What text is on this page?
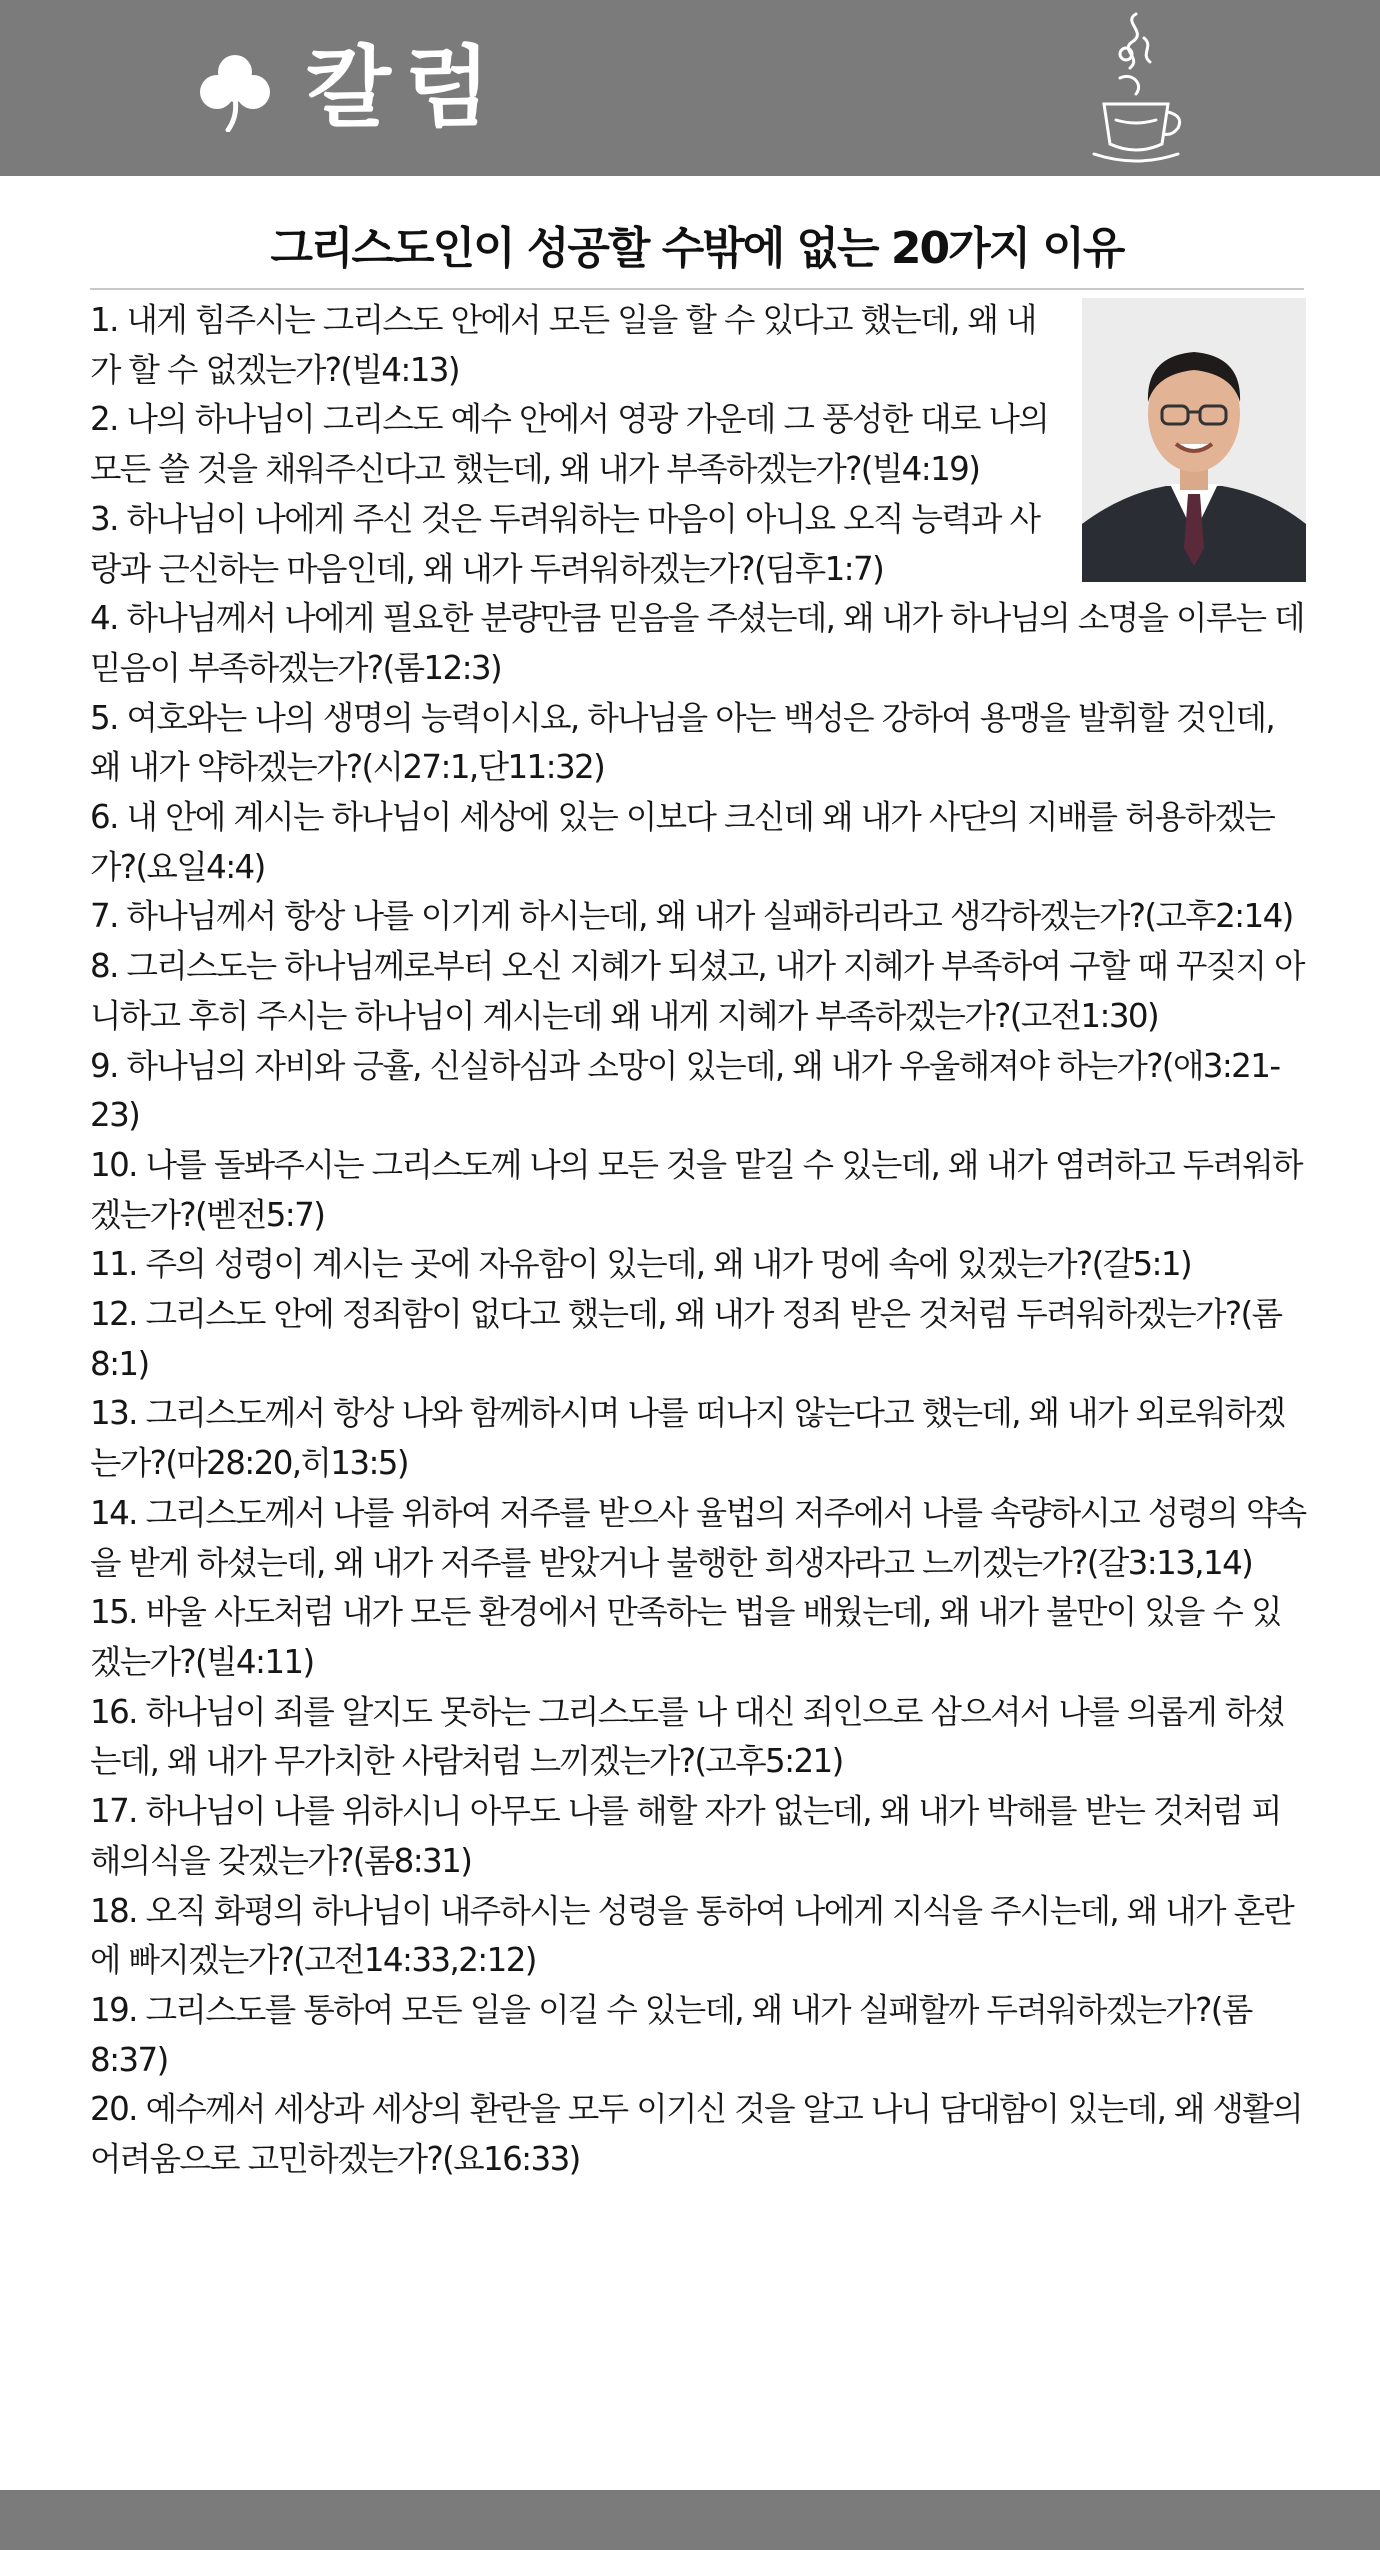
칼럼
그리스도인이 성공할 수밖에 없는 20가지 이유

1. 내게 힘주시는 그리스도 안에서 모든 일을 할 수 있다고 했는데, 왜 내가 할 수 없겠는가?(빌4:13)

2. 나의 하나님이 그리스도 예수 안에서 영광 가운데 그 풍성한 대로 나의 모든 쓸 것을 채워주신다고 했는데, 왜 내가 부족하겠는가?(빌4:19)

3. 하나님이 나에게 주신 것은 두려워하는 마음이 아니요 오직 능력과 사랑과 근신하는 마음인데, 왜 내가 두려워하겠는가?(딤후1:7)

4. 하나님께서 나에게 필요한 분량만큼 믿음을 주셨는데, 왜 내가 하나님의 소명을 이루는 데 믿음이 부족하겠는가?(롬12:3)

5. 여호와는 나의 생명의 능력이시요, 하나님을 아는 백성은 강하여 용맹을 발휘할 것인데, 왜 내가 약하겠는가?(시27:1,단11:32)

6. 내 안에 계시는 하나님이 세상에 있는 이보다 크신데 왜 내가 사단의 지배를 허용하겠는가?(요일4:4)

7. 하나님께서 항상 나를 이기게 하시는데, 왜 내가 실패하리라고 생각하겠는가?(고후2:14)

8. 그리스도는 하나님께로부터 오신 지혜가 되셨고, 내가 지혜가 부족하여 구할 때 꾸짖지 아니하고 후히 주시는 하나님이 계시는데 왜 내게 지혜가 부족하겠는가?(고전1:30)

9. 하나님의 자비와 긍휼, 신실하심과 소망이 있는데, 왜 내가 우울해져야 하는가?(애3:21-23)

10. 나를 돌봐주시는 그리스도께 나의 모든 것을 맡길 수 있는데, 왜 내가 염려하고 두려워하겠는가?(벧전5:7)

11. 주의 성령이 계시는 곳에 자유함이 있는데, 왜 내가 멍에 속에 있겠는가?(갈5:1)

12. 그리스도 안에 정죄함이 없다고 했는데, 왜 내가 정죄 받은 것처럼 두려워하겠는가?(롬8:1)

13. 그리스도께서 항상 나와 함께하시며 나를 떠나지 않는다고 했는데, 왜 내가 외로워하겠는가?(마28:20,히13:5)

14. 그리스도께서 나를 위하여 저주를 받으사 율법의 저주에서 나를 속량하시고 성령의 약속을 받게 하셨는데, 왜 내가 저주를 받았거나 불행한 희생자라고 느끼겠는가?(갈3:13,14)

15. 바울 사도처럼 내가 모든 환경에서 만족하는 법을 배웠는데, 왜 내가 불만이 있을 수 있겠는가?(빌4:11)

16. 하나님이 죄를 알지도 못하는 그리스도를 나 대신 죄인으로 삼으셔서 나를 의롭게 하셨는데, 왜 내가 무가치한 사람처럼 느끼겠는가?(고후5:21)

17. 하나님이 나를 위하시니 아무도 나를 해할 자가 없는데, 왜 내가 박해를 받는 것처럼 피해의식을 갖겠는가?(롬8:31)

18. 오직 화평의 하나님이 내주하시는 성령을 통하여 나에게 지식을 주시는데, 왜 내가 혼란에 빠지겠는가?(고전14:33,2:12)

19. 그리스도를 통하여 모든 일을 이길 수 있는데, 왜 내가 실패할까 두려워하겠는가?(롬8:37)

20. 예수께서 세상과 세상의 환란을 모두 이기신 것을 알고 나니 담대함이 있는데, 왜 생활의 어려움으로 고민하겠는가?(요16:33)
